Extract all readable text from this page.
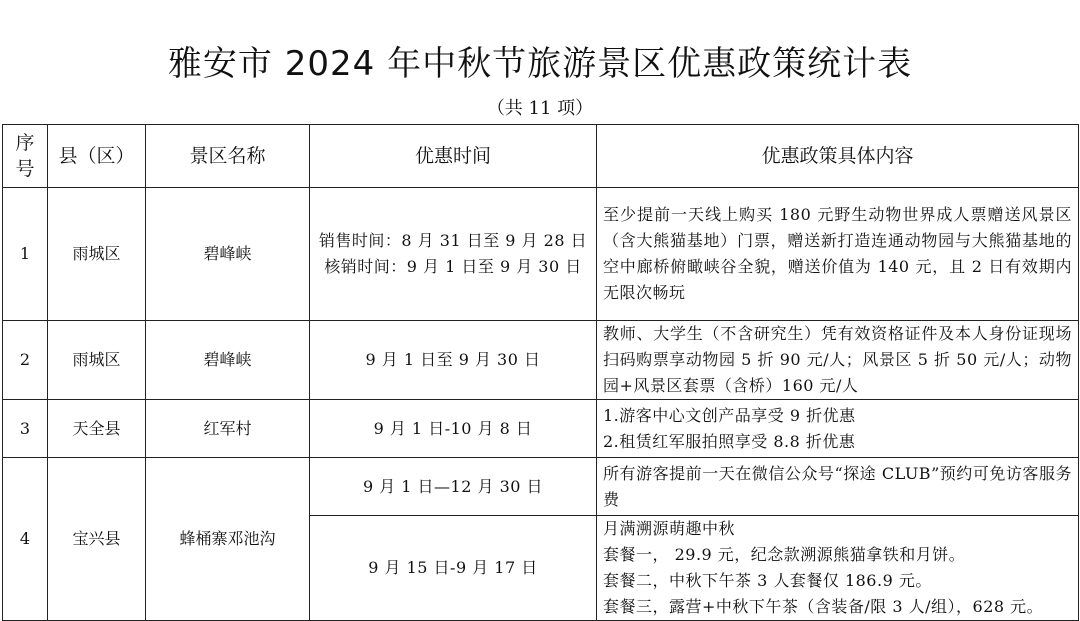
雅安市 2024 年中秋节旅游景区优惠政策统计表
（共 11 项）
序
号	县（区）	景区名称	优惠时间	优惠政策具体内容
1	雨城区	碧峰峡	销售时间：8 月 31 日至 9 月 28 日
核销时间：9 月 1 日至 9 月 30 日	至少提前一天线上购买 180 元野生动物世界成人票赠送风景区（含大熊猫基地）门票，赠送新打造连通动物园与大熊猫基地的空中廊桥俯瞰峡谷全貌，赠送价值为 140 元，且 2 日有效期内无限次畅玩
2	雨城区	碧峰峡	9 月 1 日至 9 月 30 日	教师、大学生（不含研究生）凭有效资格证件及本人身份证现场扫码购票享动物园 5 折 90 元/人；风景区 5 折 50 元/人；动物园+风景区套票（含桥）160 元/人
3	天全县	红军村	9 月 1 日-10 月 8 日	1.游客中心文创产品享受 9 折优惠
2.租赁红军服拍照享受 8.8 折优惠

4	宝兴县	蜂桶寨邓池沟	9 月 1 日—12 月 30 日	所有游客提前一天在微信公众号“探途 CLUB”预约可免访客服务费
			9 月 15 日-9 月 17 日	月满溯源萌趣中秋
套餐一， 29.9 元，纪念款溯源熊猫拿铁和月饼。
套餐二，中秋下午茶 3 人套餐仅 186.9 元。
套餐三，露营+中秋下午茶（含装备/限 3 人/组），628 元。
